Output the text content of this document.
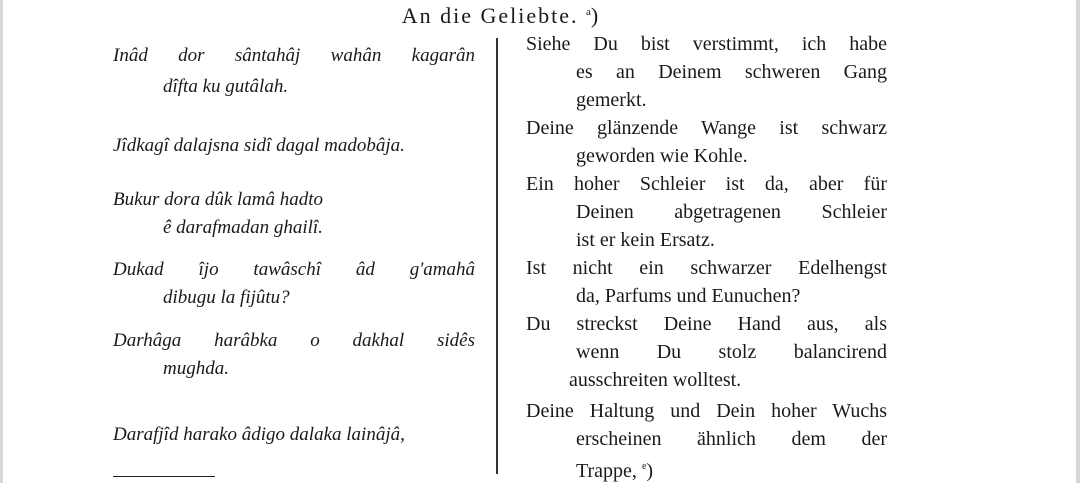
An die Geliebte. $^a$)
Inâd dor sântahâj wahân kagarân
dîfta ku gutâlah.
Jîdkagî dalajsna sidî dagal madobâja.
Bukur dora dûk lamâ hadto
ê darafmadan ghailî.
Dukad îjo tawâschî âd g'amahâ
dibugu la fijûtu?
Darhâga harâbka o dakhal sidês
mughda.
Darafjîd harako âdigo dalaka lainâjâ,
Siehe Du bist verstimmt, ich habe
es an Deinem schweren Gang
gemerkt.
Deine glänzende Wange ist schwarz
geworden wie Kohle.
Ein hoher Schleier ist da, aber für
Deinen abgetragenen Schleier
ist er kein Ersatz.
Ist nicht ein schwarzer Edelhengst
da, Parfums und Eunuchen?
Du streckst Deine Hand aus, als
wenn Du stolz balancirend
ausschreiten wolltest.
Deine Haltung und Dein hoher Wuchs
erscheinen ähnlich dem der
Trappe, $^e$)
